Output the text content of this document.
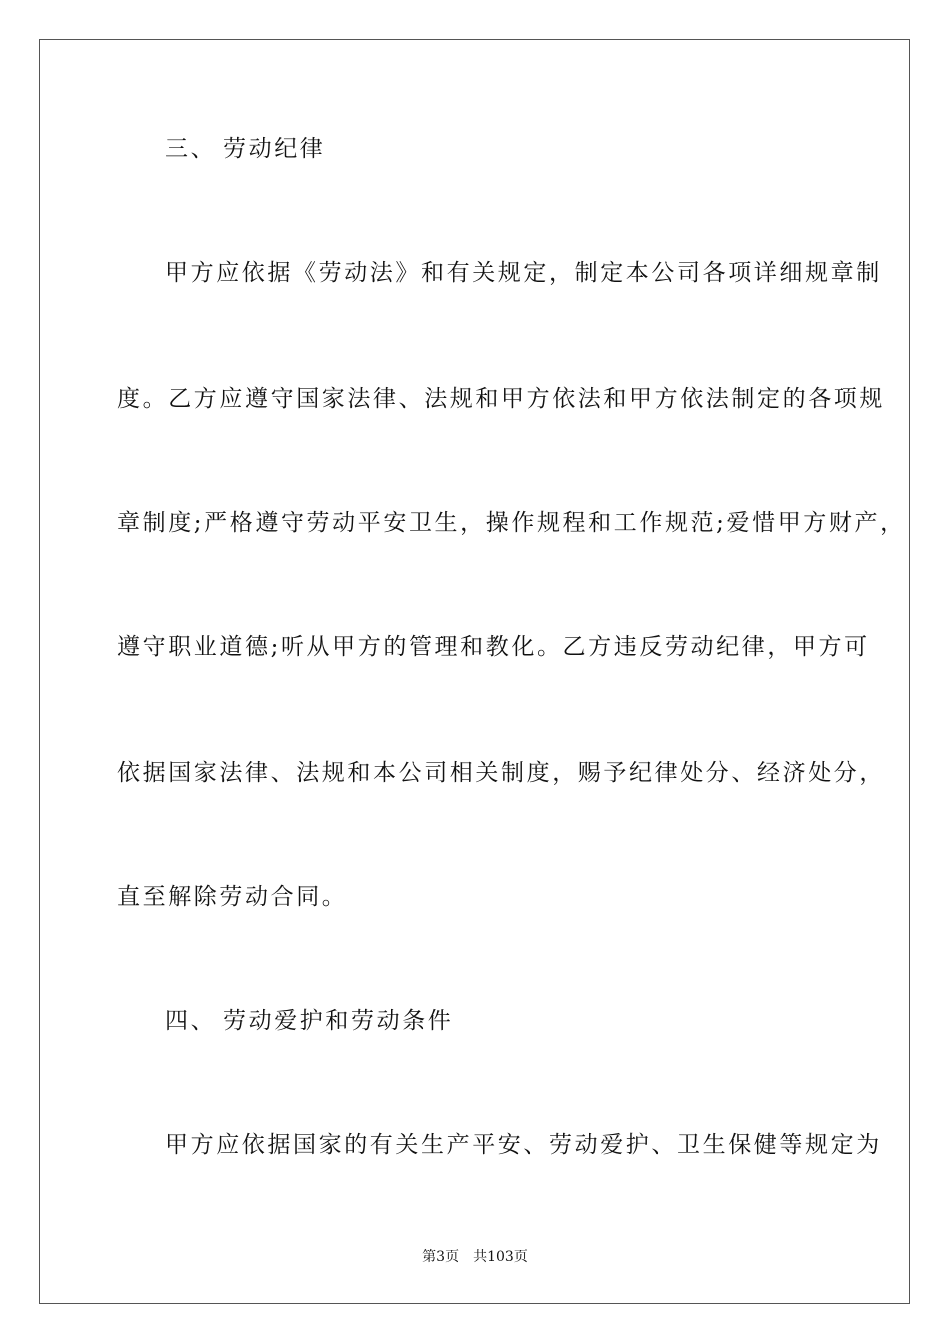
三、 劳动纪律
甲方应依据《劳动法》和有关规定，制定本公司各项详细规章制
度。乙方应遵守国家法律、法规和甲方依法和甲方依法制定的各项规
章制度;严格遵守劳动平安卫生，操作规程和工作规范;爱惜甲方财产，
遵守职业道德;听从甲方的管理和教化。乙方违反劳动纪律，甲方可
依据国家法律、法规和本公司相关制度，赐予纪律处分、经济处分，
直至解除劳动合同。
四、 劳动爱护和劳动条件
甲方应依据国家的有关生产平安、劳动爱护、卫生保健等规定为
第3页 共103页
